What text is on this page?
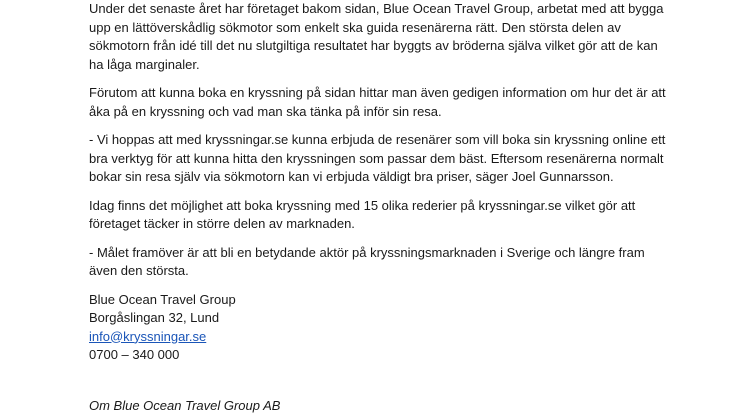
Under det senaste året har företaget bakom sidan, Blue Ocean Travel Group, arbetat med att bygga
upp en lättöverskådlig sökmotor som enkelt ska guida resenärerna rätt. Den största delen av
sökmotorn från idé till det nu slutgiltiga resultatet har byggts av bröderna själva vilket gör att de kan
ha låga marginaler.

Förutom att kunna boka en kryssning på sidan hittar man även gedigen information om hur det är att
åka på en kryssning och vad man ska tänka på inför sin resa.

- Vi hoppas att med kryssningar.se kunna erbjuda de resenärer som vill boka sin kryssning online ett
bra verktyg för att kunna hitta den kryssningen som passar dem bäst. Eftersom resenärerna normalt
bokar sin resa själv via sökmotorn kan vi erbjuda väldigt bra priser, säger Joel Gunnarsson.

Idag finns det möjlighet att boka kryssning med 15 olika rederier på kryssningar.se vilket gör att
företaget täcker in större delen av marknaden.

- Målet framöver är att bli en betydande aktör på kryssningsmarknaden i Sverige och längre fram
även den största.

Blue Ocean Travel Group
Borgåslingan 32, Lund
info@kryssningar.se
0700 – 340 000
Om Blue Ocean Travel Group AB
